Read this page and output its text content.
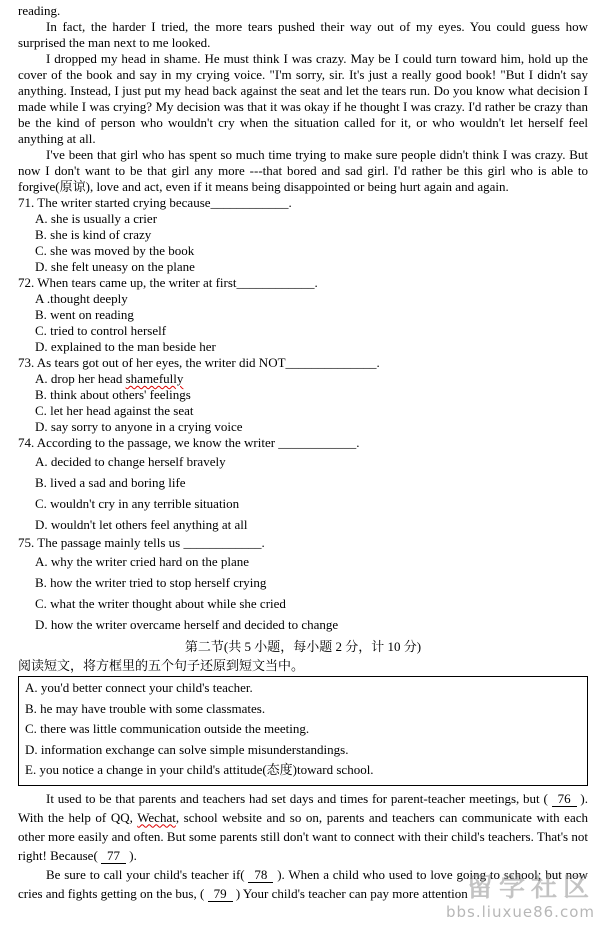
reading.

In fact, the harder I tried, the more tears pushed their way out of my eyes. You could guess how surprised the man next to me looked.

I dropped my head in shame. He must think I was crazy. May be I could turn toward him, hold up the cover of the book and say in my crying voice. "I'm sorry, sir. It's just a really good book! "But I didn't say anything. Instead, I just put my head back against the seat and let the tears run. Do you know what decision I made while I was crying? My decision was that it was okay if he thought I was crazy. I'd rather be crazy than be the kind of person who wouldn't cry when the situation called for it, or who wouldn't let herself feel anything at all.

I've been that girl who has spent so much time trying to make sure people didn't think I was crazy. But now I don't want to be that girl any more ---that bored and sad girl. I'd rather be this girl who is able to forgive(原谅), love and act, even if it means being disappointed or being hurt again and again.

71. The writer started crying because____________.
A. she is usually a crier
B. she is kind of crazy
C. she was moved by the book
D. she felt uneasy on the plane
72. When tears came up, the writer at first____________.
A .thought deeply
B. went on reading
C. tried to control herself
D. explained to the man beside her
73. As tears got out of her eyes, the writer did NOT______________.
A. drop her head shamefully
B. think about others' feelings
C. let her head against the seat
D. say sorry to anyone in a crying voice
74. According to the passage, we know the writer ____________.
A. decided to change herself bravely
B. lived a sad and boring life
C. wouldn't cry in any terrible situation
D. wouldn't let others feel anything at all
75. The passage mainly tells us ____________.
A. why the writer cried hard on the plane
B. how the writer tried to stop herself crying
C. what the writer thought about while she cried
D. how the writer overcame herself and decided to change
第二节(共 5 小题，每小题 2 分，计 10 分)
阅读短文，将方框里的五个句子还原到短文当中。
A. you'd better connect your child's teacher.
B. he may have trouble with some classmates.
C. there was little communication outside the meeting.
D. information exchange can solve simple misunderstandings.
E. you notice a change in your child's attitude(态度)toward school.

It used to be that parents and teachers had set days and times for parent-teacher meetings, but ( 76 ). With the help of QQ, Wechat, school website and so on, parents and teachers can communicate with each other more easily and often. But some parents still don't want to connect with their child's teachers. That's not right! Because( 77 ).

Be sure to call your child's teacher if( 78 ). When a child who used to love going to school; but now cries and fights getting on the bus, ( 79 ) Your child's teacher can pay more attention 留学社区
bbs.liuxue86.com
